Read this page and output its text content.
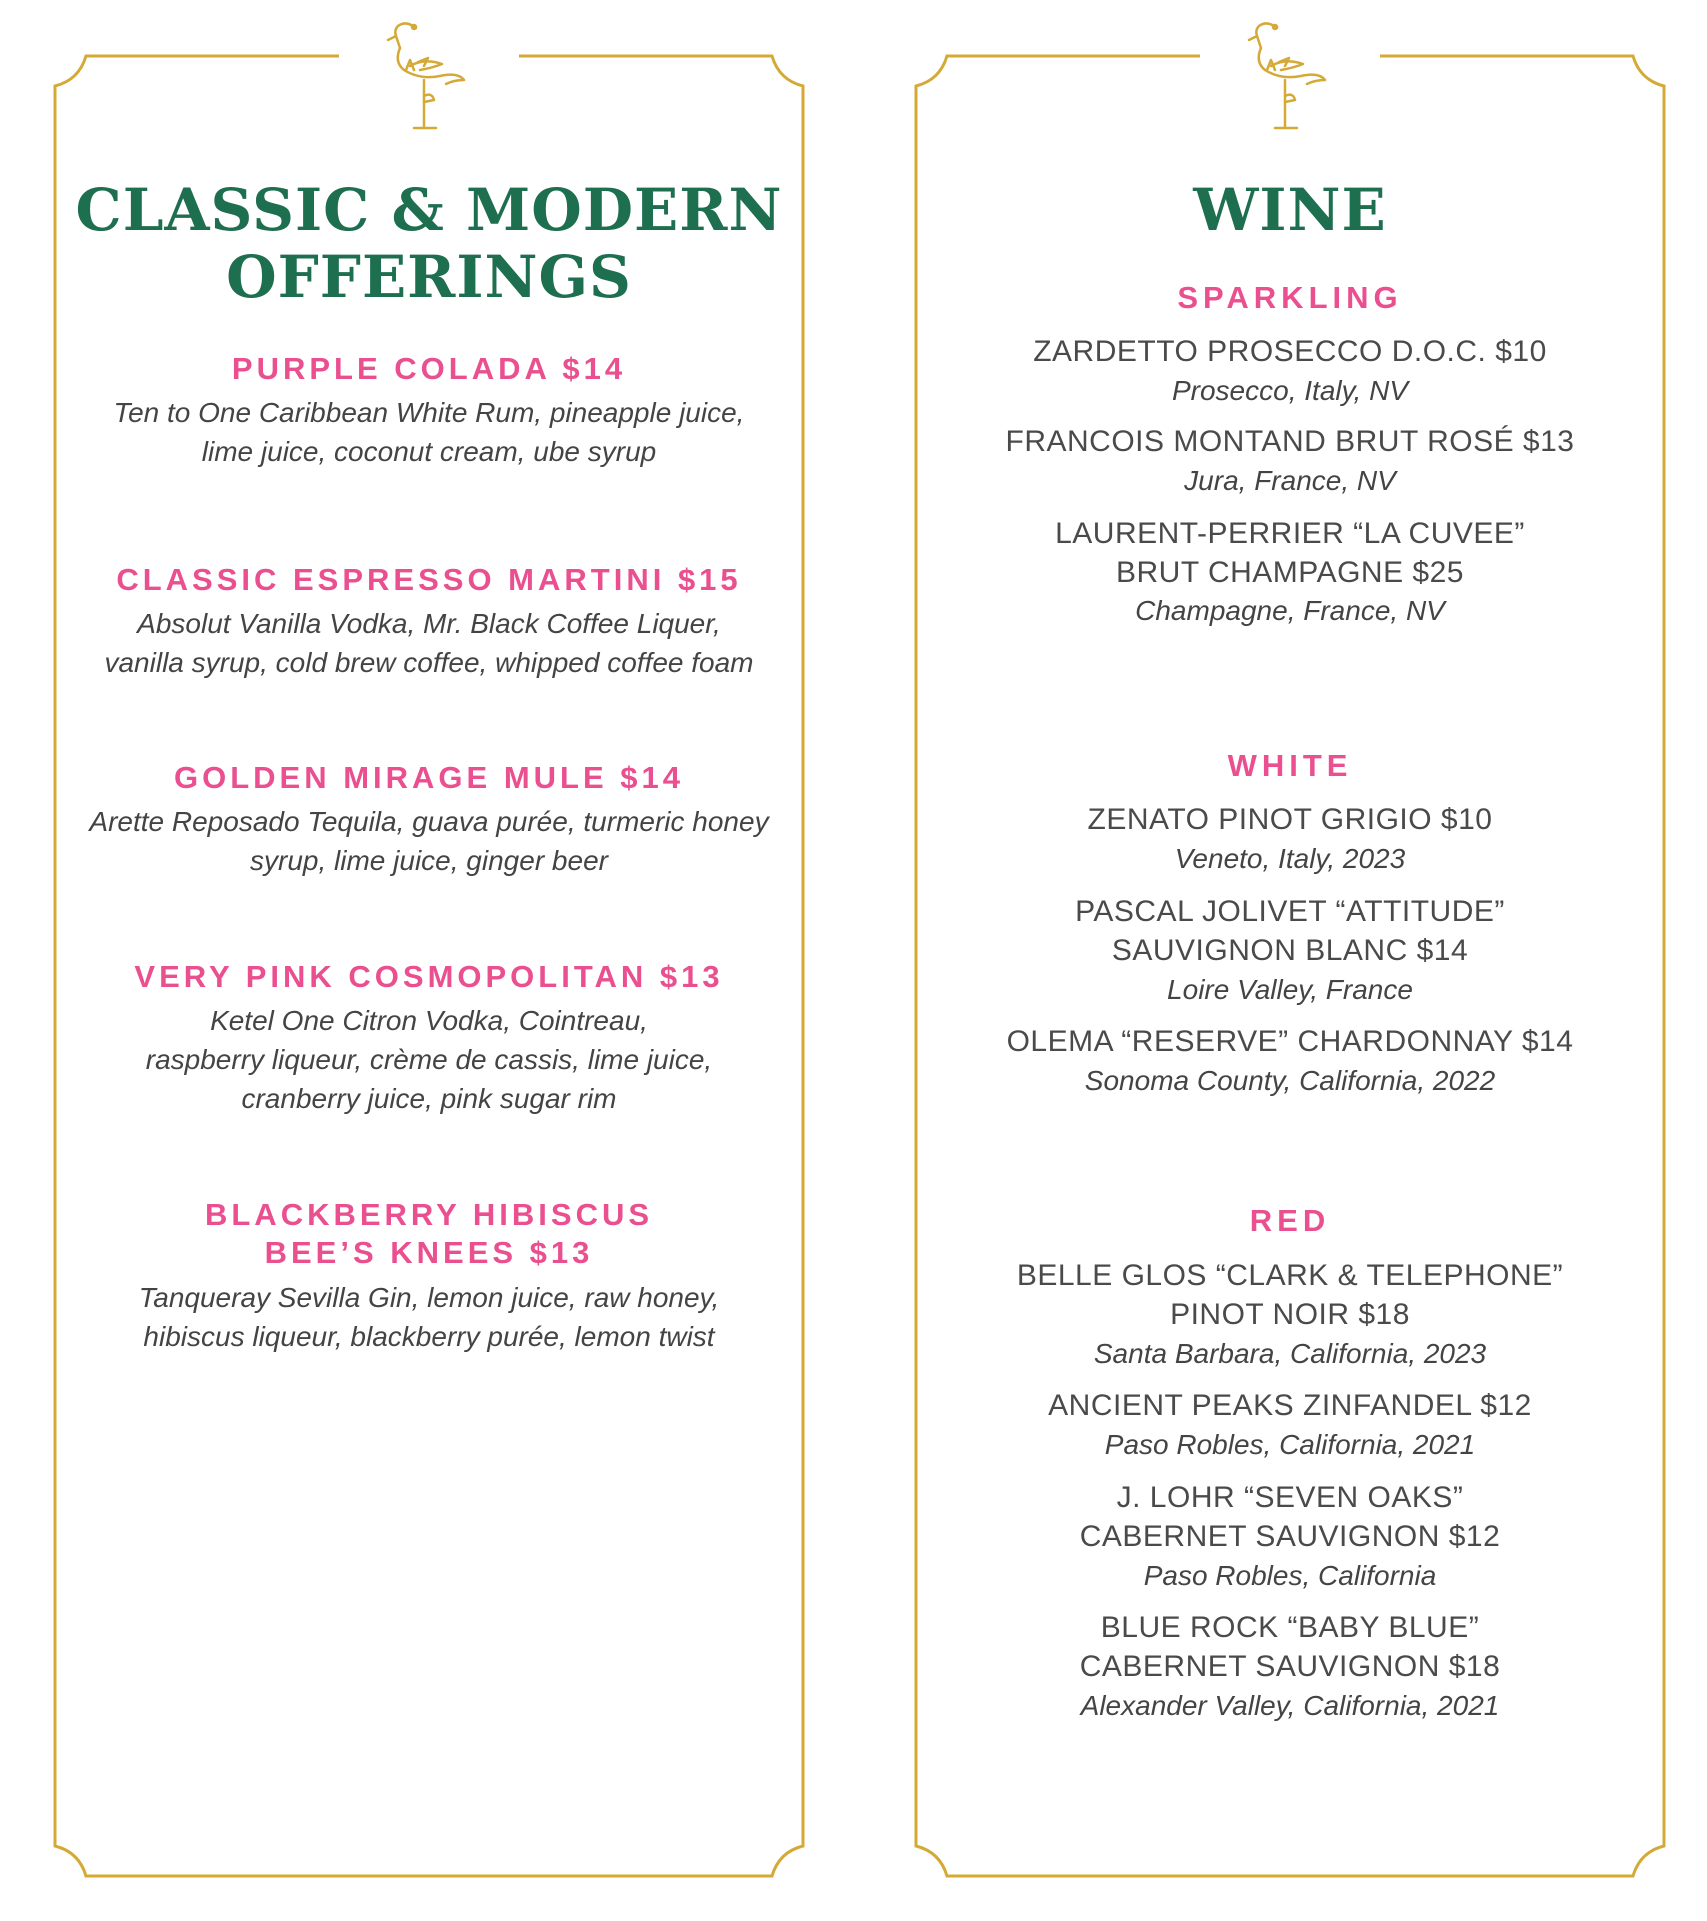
CLASSIC & MODERN
OFFERINGS
PURPLE COLADA $14
Ten to One Caribbean White Rum, pineapple juice,
lime juice, coconut cream, ube syrup
CLASSIC ESPRESSO MARTINI $15
Absolut Vanilla Vodka, Mr. Black Coffee Liquer,
vanilla syrup, cold brew coffee, whipped coffee foam
GOLDEN MIRAGE MULE $14
Arette Reposado Tequila, guava purée, turmeric honey
syrup, lime juice, ginger beer
VERY PINK COSMOPOLITAN $13
Ketel One Citron Vodka, Cointreau,
raspberry liqueur, crème de cassis, lime juice,
cranberry juice, pink sugar rim
BLACKBERRY HIBISCUS
BEE’S KNEES $13
Tanqueray Sevilla Gin, lemon juice, raw honey,
hibiscus liqueur, blackberry purée, lemon twist
WINE
SPARKLING
ZARDETTO PROSECCO D.O.C. $10
Prosecco, Italy, NV
FRANCOIS MONTAND BRUT ROSÉ $13
Jura, France, NV
LAURENT-PERRIER “LA CUVEE”
BRUT CHAMPAGNE $25
Champagne, France, NV
WHITE
ZENATO PINOT GRIGIO $10
Veneto, Italy, 2023
PASCAL JOLIVET “ATTITUDE”
SAUVIGNON BLANC $14
Loire Valley, France
OLEMA “RESERVE” CHARDONNAY $14
Sonoma County, California, 2022
RED
BELLE GLOS “CLARK & TELEPHONE”
PINOT NOIR $18
Santa Barbara, California, 2023
ANCIENT PEAKS ZINFANDEL $12
Paso Robles, California, 2021
J. LOHR “SEVEN OAKS”
CABERNET SAUVIGNON $12
Paso Robles, California
BLUE ROCK “BABY BLUE”
CABERNET SAUVIGNON $18
Alexander Valley, California, 2021
